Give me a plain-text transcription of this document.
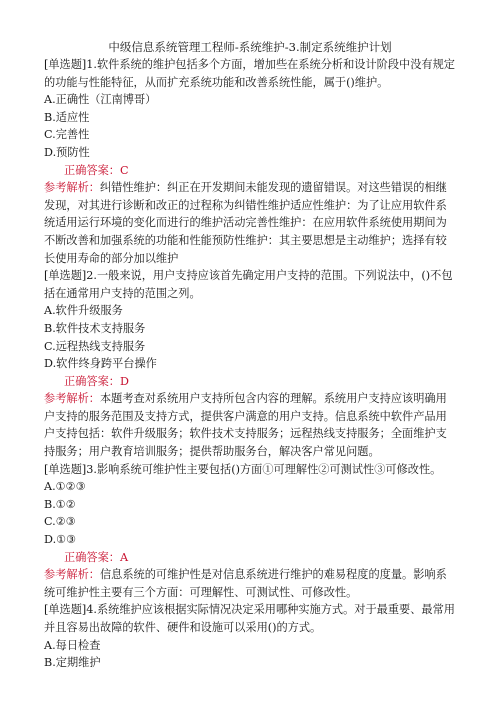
中级信息系统管理工程师-系统维护-3.制定系统维护计划

[单选题]1.软件系统的维护包括多个方面，增加些在系统分析和设计阶段中没有规定的功能与性能特征，从而扩充系统功能和改善系统性能，属于()维护。

A.正确性（江南博哥）

B.适应性

C.完善性

D.预防性

正确答案：C

参考解析：纠错性维护：纠正在开发期间未能发现的遗留错误。对这些错误的相继发现，对其进行诊断和改正的过程称为纠错性维护适应性维护：为了让应用软件系统适用运行环境的变化而进行的维护活动完善性维护：在应用软件系统使用期间为不断改善和加强系统的功能和性能预防性维护：其主要思想是主动维护；选择有较长使用寿命的部分加以维护

[单选题]2.一般来说，用户支持应该首先确定用户支持的范围。下列说法中，()不包括在通常用户支持的范围之列。

A.软件升级服务

B.软件技术支持服务

C.远程热线支持服务

D.软件终身跨平台操作

正确答案：D

参考解析：本题考查对系统用户支持所包含内容的理解。系统用户支持应该明确用户支持的服务范围及支持方式，提供客户满意的用户支持。信息系统中软件产品用户支持包括：软件升级服务；软件技术支持服务；远程热线支持服务；全面维护支持服务；用户教育培训服务；提供帮助服务台，解决客户常见问题。

[单选题]3.影响系统可维护性主要包括()方面①可理解性②可测试性③可修改性。

A.①②③

B.①②

C.②③

D.①③

正确答案：A

参考解析：信息系统的可维护性是对信息系统进行维护的难易程度的度量。影响系统可维护性主要有三个方面：可理解性、可测试性、可修改性。

[单选题]4.系统维护应该根据实际情况决定采用哪种实施方式。对于最重要、最常用并且容易出故障的软件、硬件和设施可以采用()的方式。

A.每日检查

B.定期维护
